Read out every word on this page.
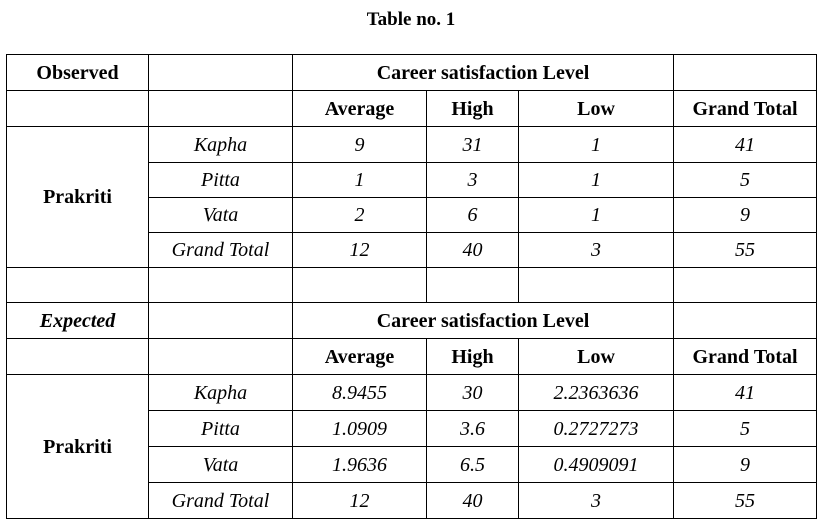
Table no. 1
Observed		Career satisfaction Level			
		Average	High	Low	Grand Total
Prakriti	Kapha	9	31	1	41
	Pitta	1	3	1	5
	Vata	2	6	1	9
	Grand Total	12	40	3	55

Expected		Career satisfaction Level			
		Average	High	Low	Grand Total
Prakriti	Kapha	8.9455	30	2.2363636	41
	Pitta	1.0909	3.6	0.2727273	5
	Vata	1.9636	6.5	0.4909091	9
	Grand Total	12	40	3	55
